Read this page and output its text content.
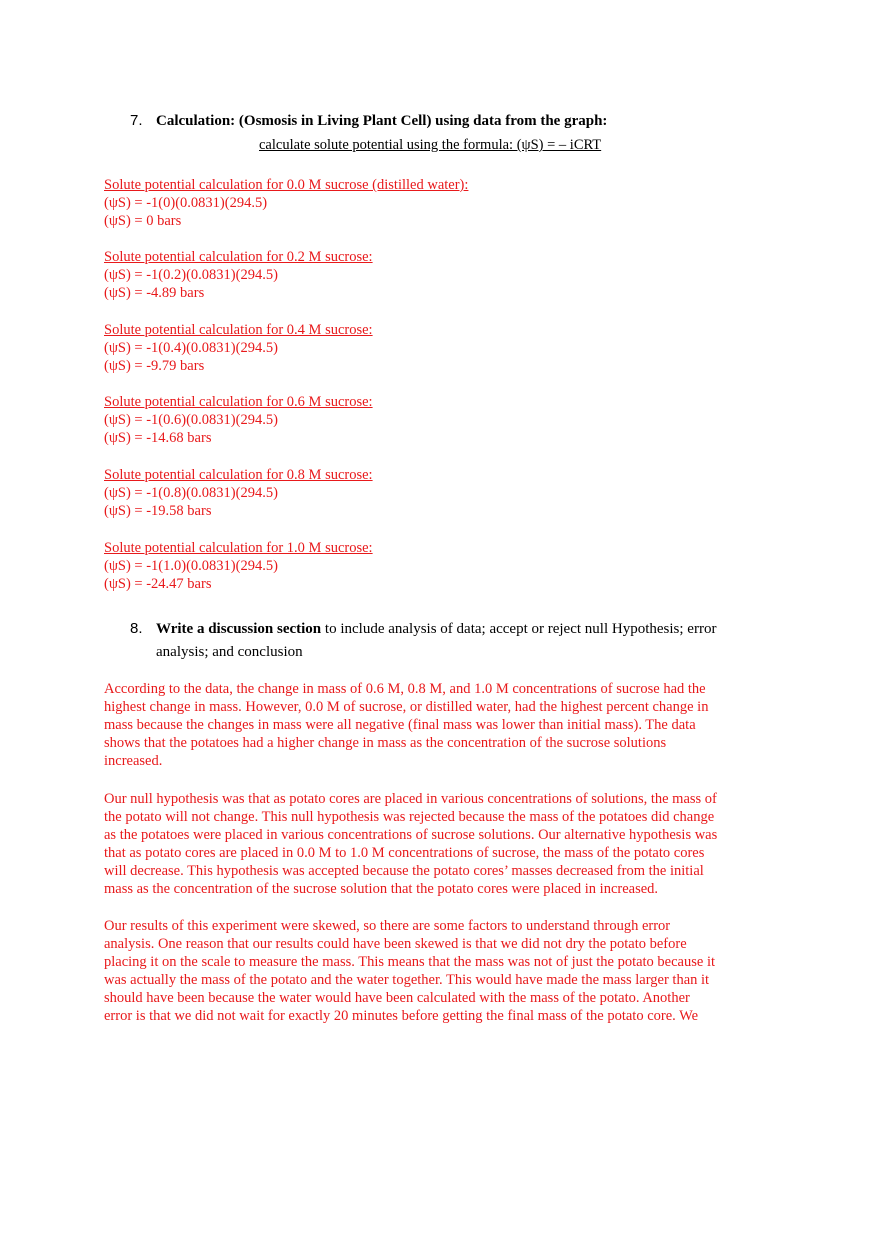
7. Calculation: (Osmosis in Living Plant Cell) using data from the graph:
calculate solute potential using the formula: (ψS) = – iCRT
Solute potential calculation for 0.0 M sucrose (distilled water):
(ψS) = -1(0)(0.0831)(294.5)
(ψS) = 0 bars
Solute potential calculation for 0.2 M sucrose:
(ψS) = -1(0.2)(0.0831)(294.5)
(ψS) = -4.89 bars
Solute potential calculation for 0.4 M sucrose:
(ψS) = -1(0.4)(0.0831)(294.5)
(ψS) = -9.79 bars
Solute potential calculation for 0.6 M sucrose:
(ψS) = -1(0.6)(0.0831)(294.5)
(ψS) = -14.68 bars
Solute potential calculation for 0.8 M sucrose:
(ψS) = -1(0.8)(0.0831)(294.5)
(ψS) = -19.58 bars
Solute potential calculation for 1.0 M sucrose:
(ψS) = -1(1.0)(0.0831)(294.5)
(ψS) = -24.47 bars
8. Write a discussion section to include analysis of data; accept or reject null Hypothesis; error
analysis; and conclusion
According to the data, the change in mass of 0.6 M, 0.8 M, and 1.0 M concentrations of sucrose had the
highest change in mass. However, 0.0 M of sucrose, or distilled water, had the highest percent change in
mass because the changes in mass were all negative (final mass was lower than initial mass). The data
shows that the potatoes had a higher change in mass as the concentration of the sucrose solutions
increased.
Our null hypothesis was that as potato cores are placed in various concentrations of solutions, the mass of
the potato will not change. This null hypothesis was rejected because the mass of the potatoes did change
as the potatoes were placed in various concentrations of sucrose solutions. Our alternative hypothesis was
that as potato cores are placed in 0.0 M to 1.0 M concentrations of sucrose, the mass of the potato cores
will decrease. This hypothesis was accepted because the potato cores’ masses decreased from the initial
mass as the concentration of the sucrose solution that the potato cores were placed in increased.
Our results of this experiment were skewed, so there are some factors to understand through error
analysis. One reason that our results could have been skewed is that we did not dry the potato before
placing it on the scale to measure the mass. This means that the mass was not of just the potato because it
was actually the mass of the potato and the water together. This would have made the mass larger than it
should have been because the water would have been calculated with the mass of the potato. Another
error is that we did not wait for exactly 20 minutes before getting the final mass of the potato core. We
